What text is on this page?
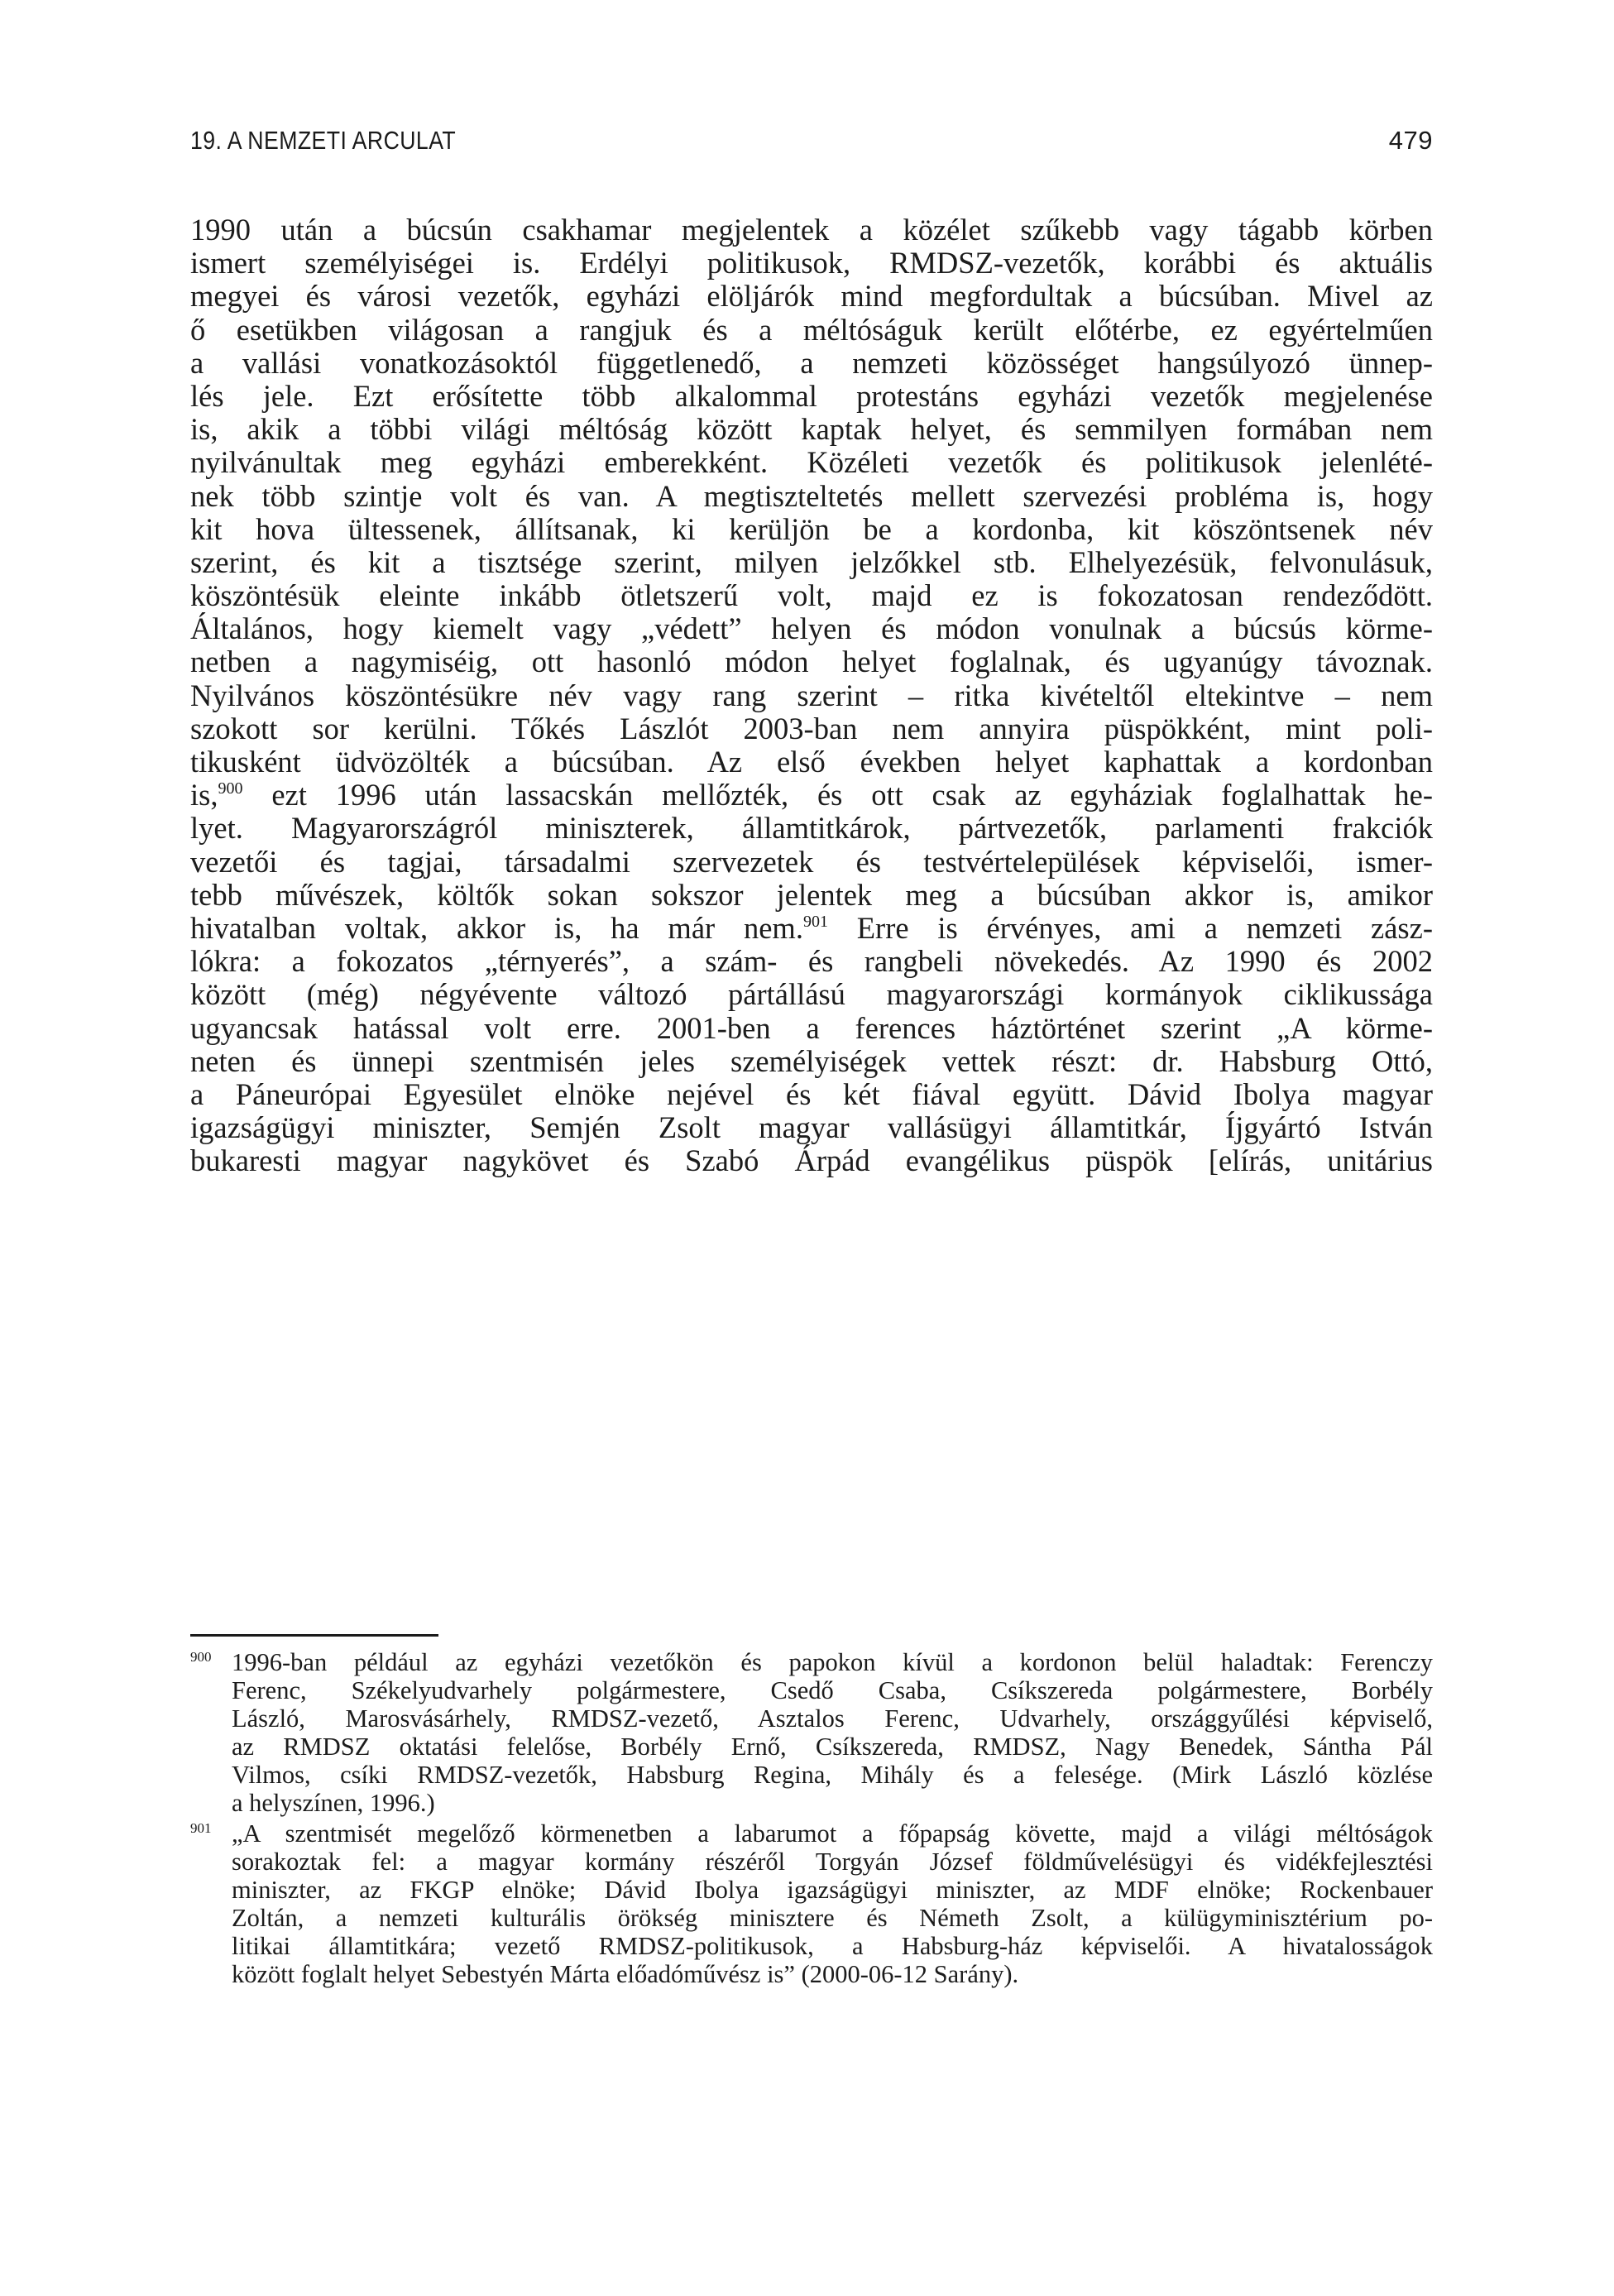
19. A NEMZETI ARCULAT	479
1990 után a búcsún csakhamar megjelentek a közélet szűkebb vagy tágabb körben
ismert személyiségei is. Erdélyi politikusok, RMDSZ-vezetők, korábbi és aktuális
megyei és városi vezetők, egyházi elöljárók mind megfordultak a búcsúban. Mivel az
ő esetükben világosan a rangjuk és a méltóságuk került előtérbe, ez egyértelműen
a vallási vonatkozásoktól függetlenedő, a nemzeti közösséget hangsúlyozó ünnep-
lés jele. Ezt erősítette több alkalommal protestáns egyházi vezetők megjelenése
is, akik a többi világi méltóság között kaptak helyet, és semmilyen formában nem
nyilvánultak meg egyházi emberekként. Közéleti vezetők és politikusok jelenlété-
nek több szintje volt és van. A megtiszteltetés mellett szervezési probléma is, hogy
kit hova ültessenek, állítsanak, ki kerüljön be a kordonba, kit köszöntsenek név
szerint, és kit a tisztsége szerint, milyen jelzőkkel stb. Elhelyezésük, felvonulásuk,
köszöntésük eleinte inkább ötletszerű volt, majd ez is fokozatosan rendeződött.
Általános, hogy kiemelt vagy „védett” helyen és módon vonulnak a búcsús körme-
netben a nagymiséig, ott hasonló módon helyet foglalnak, és ugyanúgy távoznak.
Nyilvános köszöntésükre név vagy rang szerint – ritka kivételtől eltekintve – nem
szokott sor kerülni. Tőkés Lászlót 2003-ban nem annyira püspökként, mint poli-
tikusként üdvözölték a búcsúban. Az első években helyet kaphattak a kordonban
is,$^{900}$ ezt 1996 után lassacskán mellőzték, és ott csak az egyháziak foglalhattak he-
lyet. Magyarországról miniszterek, államtitkárok, pártvezetők, parlamenti frakciók
vezetői és tagjai, társadalmi szervezetek és testvértelepülések képviselői, ismer-
tebb művészek, költők sokan sokszor jelentek meg a búcsúban akkor is, amikor
hivatalban voltak, akkor is, ha már nem.$^{901}$ Erre is érvényes, ami a nemzeti zász-
lókra: a fokozatos „térnyerés”, a szám- és rangbeli növekedés. Az 1990 és 2002
között (még) négyévente változó pártállású magyarországi kormányok ciklikussága
ugyancsak hatással volt erre. 2001-ben a ferences háztörténet szerint „A körme-
neten és ünnepi szentmisén jeles személyiségek vettek részt: dr. Habsburg Ottó,
a Páneurópai Egyesület elnöke nejével és két fiával együtt. Dávid Ibolya magyar
igazságügyi miniszter, Semjén Zsolt magyar vallásügyi államtitkár, Íjgyártó István
bukaresti magyar nagykövet és Szabó Árpád evangélikus püspök [elírás, unitárius
900 1996-ban például az egyházi vezetőkön és papokon kívül a kordonon belül haladtak: Ferenczy
Ferenc, Székelyudvarhely polgármestere, Csedő Csaba, Csíkszereda polgármestere, Borbély
László, Marosvásárhely, RMDSZ-vezető, Asztalos Ferenc, Udvarhely, országgyűlési képviselő,
az RMDSZ oktatási felelőse, Borbély Ernő, Csíkszereda, RMDSZ, Nagy Benedek, Sántha Pál
Vilmos, csíki RMDSZ-vezetők, Habsburg Regina, Mihály és a felesége. (Mirk László közlése
a helyszínen, 1996.)
901 „A szentmisét megelőző körmenetben a labarumot a főpapság követte, majd a világi méltóságok
sorakoztak fel: a magyar kormány részéről Torgyán József földművelésügyi és vidékfejlesztési
miniszter, az FKGP elnöke; Dávid Ibolya igazságügyi miniszter, az MDF elnöke; Rockenbauer
Zoltán, a nemzeti kulturális örökség minisztere és Németh Zsolt, a külügyminisztérium po-
litikai államtitkára; vezető RMDSZ-politikusok, a Habsburg-ház képviselői. A hivatalosságok
között foglalt helyet Sebestyén Márta előadóművész is” (2000-06-12 Sarány).
